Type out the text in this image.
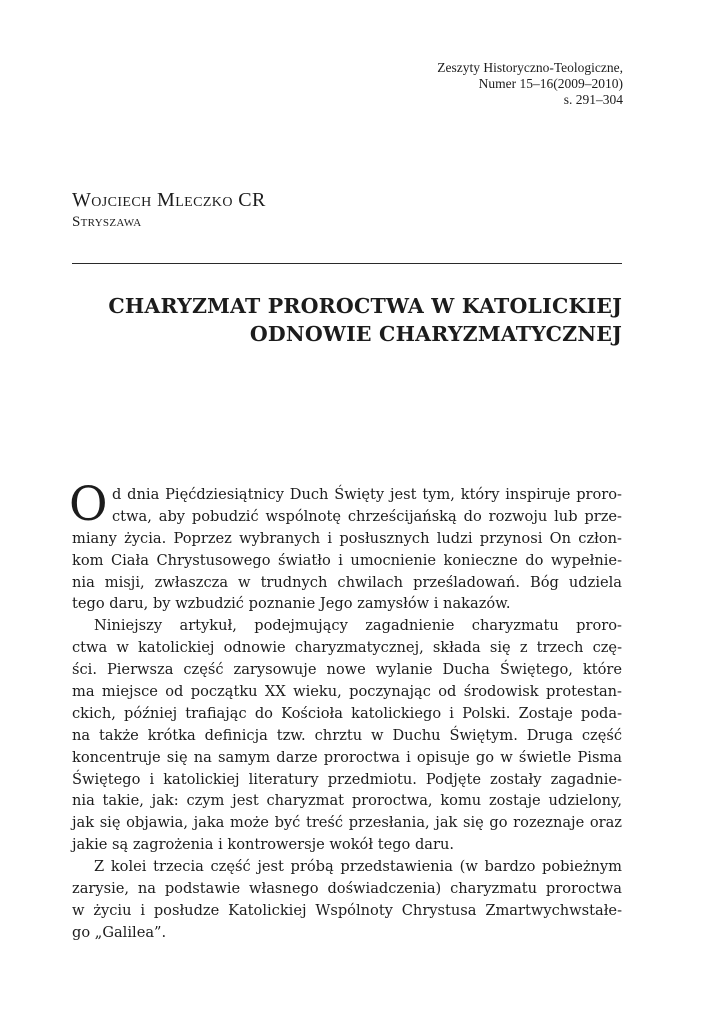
Zeszyty Historyczno-Teologiczne,
Numer 15–16(2009–2010)
s. 291–304
Wojciech Mleczko CR
Stryszawa
CHARYZMAT PROROCTWA W KATOLICKIEJ
ODNOWIE CHARYZMATYCZNEJ
O d dnia Pięćdziesiątnicy Duch Święty jest tym, który inspiruje proro-
ctwa, aby pobudzić wspólnotę chrześcijańską do rozwoju lub prze-
miany życia. Poprzez wybranych i posłusznych ludzi przynosi On człon-
kom Ciała Chrystusowego światło i umocnienie konieczne do wypełnie-
nia misji, zwłaszcza w trudnych chwilach prześladowań. Bóg udziela
tego daru, by wzbudzić poznanie Jego zamysłów i nakazów.
Niniejszy artykuł, podejmujący zagadnienie charyzmatu proro-
ctwa w katolickiej odnowie charyzmatycznej, składa się z trzech czę-
ści. Pierwsza część zarysowuje nowe wylanie Ducha Świętego, które
ma miejsce od początku XX wieku, poczynając od środowisk protestan-
ckich, później trafiając do Kościoła katolickiego i Polski. Zostaje poda-
na także krótka definicja tzw. chrztu w Duchu Świętym. Druga część
koncentruje się na samym darze proroctwa i opisuje go w świetle Pisma
Świętego i katolickiej literatury przedmiotu. Podjęte zostały zagadnie-
nia takie, jak: czym jest charyzmat proroctwa, komu zostaje udzielony,
jak się objawia, jaka może być treść przesłania, jak się go rozeznaje oraz
jakie są zagrożenia i kontrowersje wokół tego daru.
Z kolei trzecia część jest próbą przedstawienia (w bardzo pobieżnym
zarysie, na podstawie własnego doświadczenia) charyzmatu proroctwa
w życiu i posłudze Katolickiej Wspólnoty Chrystusa Zmartwychwstałe-
go „Galilea”.
